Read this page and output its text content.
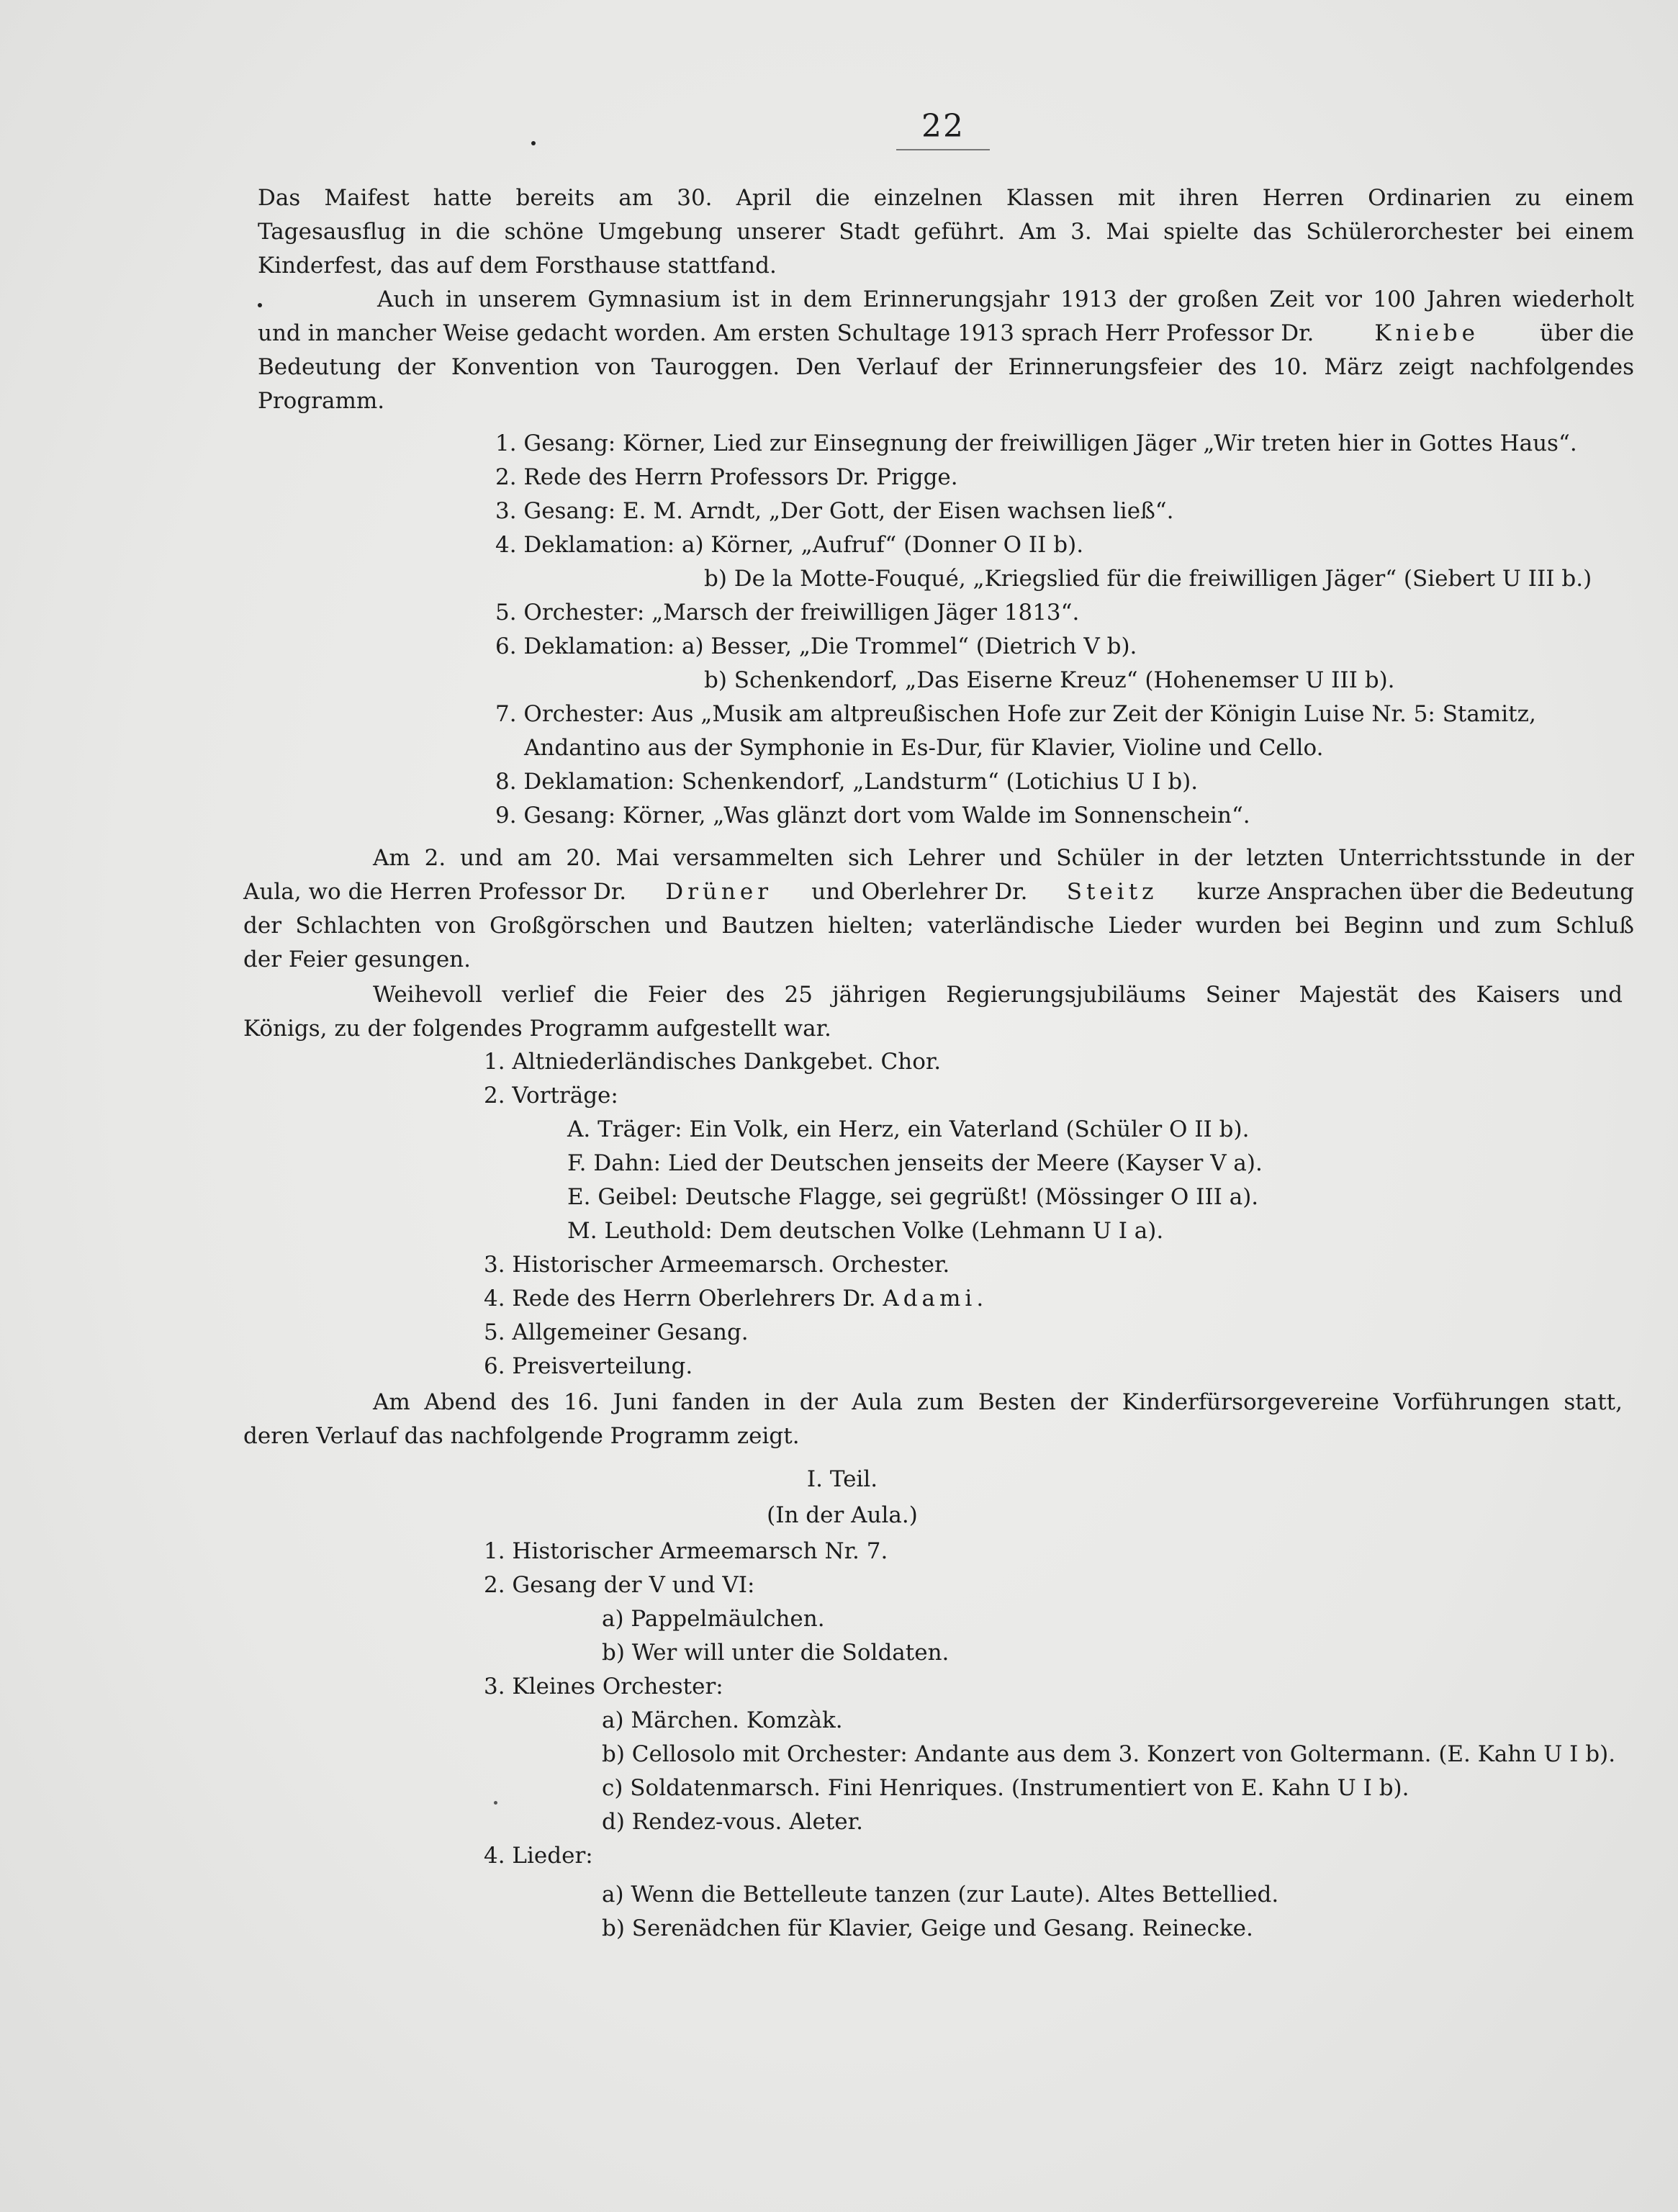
22
Das Maifest hatte bereits am 30. April die einzelnen Klassen mit ihren Herren Ordinarien zu einem
Tagesausflug in die schöne Umgebung unserer Stadt geführt. Am 3. Mai spielte das Schülerorchester bei einem
Kinderfest, das auf dem Forsthause stattfand.
Auch in unserem Gymnasium ist in dem Erinnerungsjahr 1913 der großen Zeit vor 100 Jahren wiederholt
und in mancher Weise gedacht worden. Am ersten Schultage 1913 sprach Herr Professor Dr.	Kniebe	über die
Bedeutung der Konvention von Tauroggen. Den Verlauf der Erinnerungsfeier des 10. März zeigt nachfolgendes
Programm.
1. Gesang: Körner, Lied zur Einsegnung der freiwilligen Jäger „Wir treten hier in Gottes Haus“.
2. Rede des Herrn Professors Dr. Prigge.
3. Gesang: E. M. Arndt, „Der Gott, der Eisen wachsen ließ“.
4. Deklamation: a) Körner, „Aufruf“ (Donner O II b).
b) De la Motte-Fouqué, „Kriegslied für die freiwilligen Jäger“ (Siebert U III b.)
5. Orchester: „Marsch der freiwilligen Jäger 1813“.
6. Deklamation: a) Besser, „Die Trommel“ (Dietrich V b).
b) Schenkendorf, „Das Eiserne Kreuz“ (Hohenemser U III b).
7. Orchester: Aus „Musik am altpreußischen Hofe zur Zeit der Königin Luise Nr. 5: Stamitz,
Andantino aus der Symphonie in Es-Dur, für Klavier, Violine und Cello.
8. Deklamation: Schenkendorf, „Landsturm“ (Lotichius U I b).
9. Gesang: Körner, „Was glänzt dort vom Walde im Sonnenschein“.
Am 2. und am 20. Mai versammelten sich Lehrer und Schüler in der letzten Unterrichtsstunde in der
Aula, wo die Herren Professor Dr. Drüner und Oberlehrer Dr. Steitz kurze Ansprachen über die Bedeutung
der Schlachten von Großgörschen und Bautzen hielten; vaterländische Lieder wurden bei Beginn und zum Schluß
der Feier gesungen.
Weihevoll verlief die Feier des 25 jährigen Regierungsjubiläums Seiner Majestät des Kaisers und
Königs, zu der folgendes Programm aufgestellt war.
1. Altniederländisches Dankgebet. Chor.
2. Vorträge:
A. Träger: Ein Volk, ein Herz, ein Vaterland (Schüler O II b).
F. Dahn: Lied der Deutschen jenseits der Meere (Kayser V a).
E. Geibel: Deutsche Flagge, sei gegrüßt! (Mössinger O III a).
M. Leuthold: Dem deutschen Volke (Lehmann U I a).
3. Historischer Armeemarsch. Orchester.
4. Rede des Herrn Oberlehrers Dr. Adami.
5. Allgemeiner Gesang.
6. Preisverteilung.
Am Abend des 16. Juni fanden in der Aula zum Besten der Kinderfürsorgevereine Vorführungen statt,
deren Verlauf das nachfolgende Programm zeigt.
I. Teil.
(In der Aula.)
1. Historischer Armeemarsch Nr. 7.
2. Gesang der V und VI:
a) Pappelmäulchen.
b) Wer will unter die Soldaten.
3. Kleines Orchester:
a) Märchen. Komzàk.
b) Cellosolo mit Orchester: Andante aus dem 3. Konzert von Goltermann. (E. Kahn U I b).
c) Soldatenmarsch. Fini Henriques. (Instrumentiert von E. Kahn U I b).
d) Rendez-vous. Aleter.
4. Lieder:
a) Wenn die Bettelleute tanzen (zur Laute). Altes Bettellied.
b) Serenädchen für Klavier, Geige und Gesang. Reinecke.
